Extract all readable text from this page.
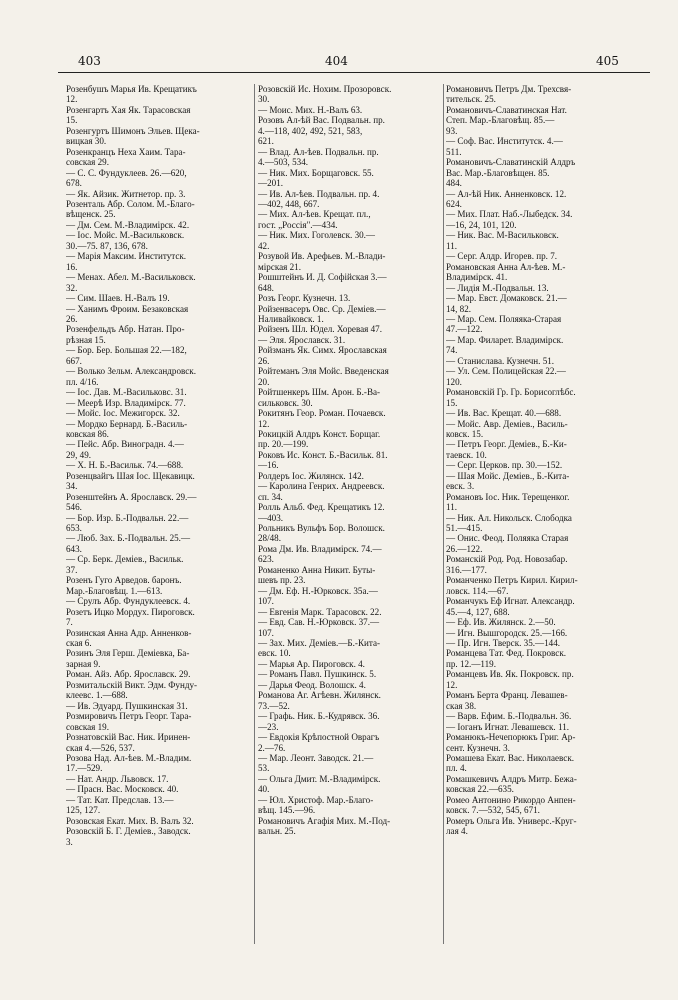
403	404	405
Розенбушъ Марья Ив. Крещатикъ
12.
Розенгартъ Хая Як. Тарасовская
15.
Розенгуртъ Шимонъ Эльев. Щека-
вицкая 30.
Розенкранцъ Неха Хаим. Тара-
совская 29.
— С. С. Фундуклеев. 26.—620,
678.
— Як. Айзик. Житнетор. пр. 3.
Розенталь Абр. Солом. М.-Благо-
вѣщенск. 25.
— Дм. Сем. М.-Владимірск. 42.
— Іос. Мойс. М.-Васильковск.
30.—75. 87, 136, 678.
— Марія Максим. Институтск.
16.
— Менах. Абел. М.-Васильковск.
32.
— Сим. Шаев. Н.-Валъ 19.
— Ханимъ Фроим. Безаковская
26.
Розенфельдъ Абр. Натан. Про-
рѣзная 15.
— Бор. Бер. Большая 22.—182,
667.
— Волько Зельм. Александровск.
пл. 4/16.
— Іос. Дав. М.-Васильковс. 31.
— Меерѣ Изр. Владимірск. 77.
— Мойс. Іос. Межигорск. 32.
— Мордко Бернард. Б.-Василь-
ковская 86.
— Пейс. Абр. Виноградн. 4.—
29, 49.
— Х. Н. Б.-Васильк. 74.—688.
Розенцвайгъ Шая Іос. Щекавицк.
34.
Розенштейнъ А. Ярославск. 29.—
546.
— Бор. Изр. Б.-Подвальн. 22.—
653.
— Люб. Зах. Б.-Подвальн. 25.—
643.
— Ср. Берк. Деміев., Васильк.
37.
Розенъ Гуго Арведов. баронъ.
Мар.-Благовѣщ. 1.—613.
— Срулъ Абр. Фундуклеевск. 4.
Розетъ Ицко Мордух. Пироговск.
7.
Розинская Анна Адр. Анненков-
ская 6.
Розинъ Эля Герш. Деміевка, Ба-
зарная 9.
Роман. Айз. Абр. Ярославск. 29.
Розмитальскій Викт. Эдм. Фунду-
клеевс. 1.—688.
— Ив. Эдуард. Пушкинская 31.
Розмировичъ Петръ Георг. Тара-
совская 19.
Рознатовскій Вас. Ник. Иринен-
ская 4.—526, 537.
Розова Над. Ал-ѣев. М.-Владим.
17.—529.
— Нат. Андр. Львовск. 17.
— Прасн. Вас. Московск. 40.
— Тат. Кат. Предслав. 13.—
125, 127.
Розовская Екат. Мих. В. Валъ 32.
Розовскій Б. Г. Деміев., Заводск.
3.
Розовскій Ис. Нохим. Прозоровск.
30.
— Моис. Мих. Н.-Валъ 63.
Розовъ Ал-ѣй Вас. Подвальн. пр.
4.—118, 402, 492, 521, 583,
621.
— Влад. Ал-ѣев. Подвальн. пр.
4.—503, 534.
— Ник. Мих. Борщаговск. 55.
—201.
— Ив. Ал-ѣев. Подвальн. пр. 4.
—402, 448, 667.
— Мих. Ал-ѣев. Крещат. пл.,
гост. „Россія".—434.
— Ник. Мих. Гоголевск. 30.—
42.
Розувой Ив. Арефьев. М.-Влади-
мірская 21.
Рошштейнъ И. Д. Софійская 3.—
648.
Розъ Георг. Кузнечн. 13.
Ройзенвасеръ Овс. Ср. Деміев.—
Наливайковск. 1.
Ройзенъ Шл. Юдел. Хоревая 47.
— Эля. Ярославск. 31.
Ройзманъ Як. Симх. Ярославская
26.
Ройтеманъ Эля Мойс. Введенская
20.
Ройтшенкеръ Шм. Арон. Б.-Ва-
сильковск. 30.
Рокитянъ Геор. Роман. Почаевск.
12.
Рокицкій Алдръ Конст. Борщаг.
пр. 20.—199.
Роковъ Ис. Конст. Б.-Васильк. 81.
—16.
Ролдеръ Іос. Жилянск. 142.
— Каролина Генрих. Андреевск.
сп. 34.
Ролль Альб. Фед. Крещатикъ 12.
—403.
Рольникъ Вульфъ Бор. Волошск.
28/48.
Рома Дм. Ив. Владимірск. 74.—
623.
Романенко Анна Никит. Буты-
шевъ пр. 23.
— Дм. Еф. Н.-Юрковск. 35а.—
107.
— Евгенія Марк. Тарасовск. 22.
— Евд. Сав. Н.-Юрковск. 37.—
107.
— Зах. Мих. Деміев.—Б.-Кита-
евск. 10.
— Марья Ар. Пироговск. 4.
— Романъ Павл. Пушкинск. 5.
— Дарья Феод. Волошск. 4.
Романова Аг. Агѣевн. Жилянск.
73.—52.
— Графь. Ник. Б.-Кудрявск. 36.
—23.
— Евдокія Крѣпостной Оврагъ
2.—76.
— Мар. Леонт. Заводск. 21.—
53.
— Ольга Дмит. М.-Владимірск.
40.
— Юл. Христоф. Мар.-Благо-
вѣщ. 145.—96.
Романовичъ Агафія Мих. М.-Под-
вальн. 25.
Романовичъ Петръ Дм. Трехсвя-
тительск. 25.
Романовичъ-Славатинская Нат.
Степ. Мар.-Благовѣщ. 85.—
93.
— Соф. Вас. Институтск. 4.—
511.
Романовичъ-Славатинскій Алдръ
Вас. Мар.-Благовѣщен. 85.
484.
— Ал-ѣй Ник. Анненковск. 12.
624.
— Мих. Плат. Наб.-Лыбедск. 34.
—16, 24, 101, 120.
— Ник. Вас. М-Васильковск.
11.
— Серг. Алдр. Игорев. пр. 7.
Романовская Анна Ал-ѣев. М.-
Владимірск. 41.
— Лидія М.-Подвальн. 13.
— Мар. Евст. Домаковск. 21.—
14, 82.
— Мар. Сем. Поляяка-Старая
47.—122.
— Мар. Филарет. Владимірск.
74.
— Станислава. Кузнечн. 51.
— Ул. Сем. Полицейская 22.—
120.
Романовскій Гр. Гр. Борисоглѣбс.
15.
— Ив. Вас. Крещат. 40.—688.
— Мойс. Авр. Деміев., Василь-
ковск. 15.
— Петръ Георг. Деміев., Б.-Ки-
таевск. 10.
— Серг. Церков. пр. 30.—152.
— Шая Мойс. Деміев., Б.-Кита-
евск. 3.
Романовъ Іос. Ник. Терещенког.
11.
— Ник. Ал. Никольск. Слободка
51.—415.
— Онис. Феод. Поляяка Старая
26.—122.
Романскій Род. Род. Новозабар.
316.—177.
Романченко Петръ Кирил. Кирил-
ловск. 114.—67.
Романчукъ Еф Игнат. Александр.
45.—4, 127, 688.
— Еф. Ив. Жилянск. 2.—50.
— Игн. Вышгородск. 25.—166.
— Пр. Игн. Тверск. 35.—144.
Романцева Тат. Фед. Покровск.
пр. 12.—119.
Романцевъ Ив. Як. Покровск. пр.
12.
Романъ Берта Франц. Левашев-
ская 38.
— Варв. Ефим. Б.-Подвальн. 36.
— Іоганъ Игнат. Левашевск. 11.
Романюкъ-Нечепорюкъ Григ. Ар-
сент. Кузнечн. 3.
Ромашева Екат. Вас. Николаевск.
пл. 4.
Ромашкевичъ Алдръ Митр. Бежа-
ковская 22.—635.
Ромео Антонино Рикордо Анпен-
ковск. 7.—532, 545, 671.
Ромеръ Ольга Ив. Универс.-Круг-
лая 4.
